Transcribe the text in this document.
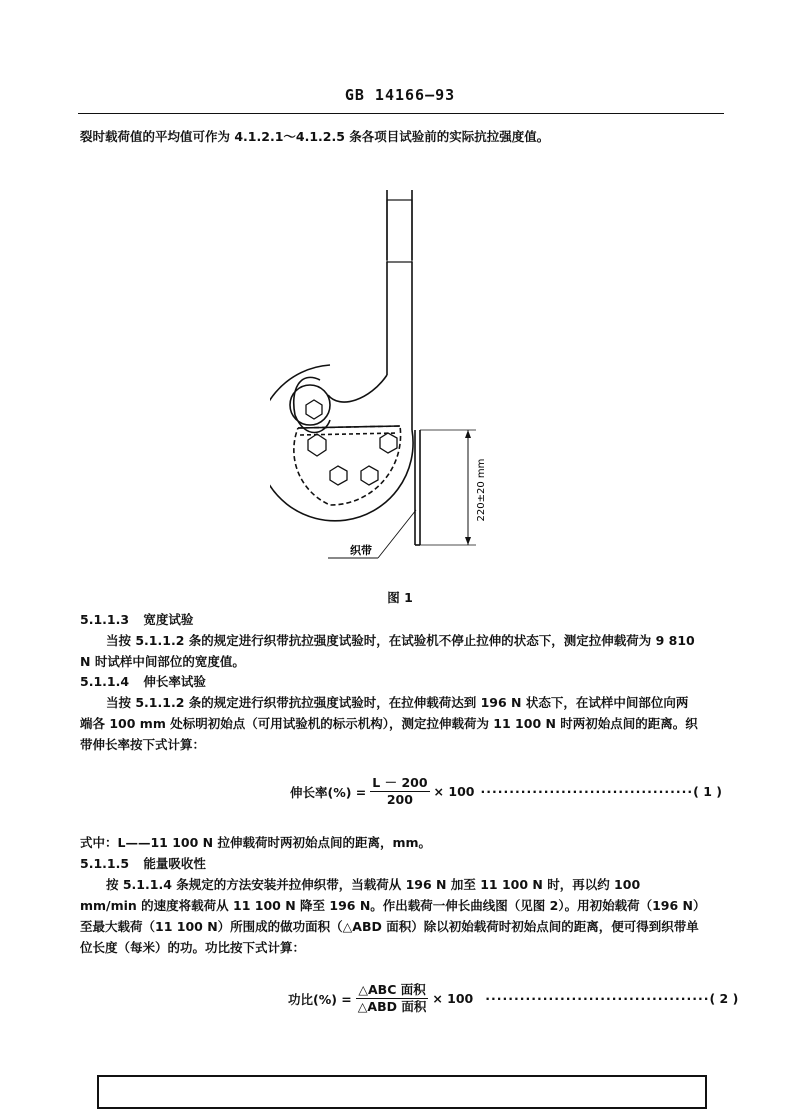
GB 14166—93
裂时载荷值的平均值可作为 4.1.2.1～4.1.2.5 条各项目试验前的实际抗拉强度值。
220±20 mm
织带
图 1
5.1.1.3 宽度试验
当按 5.1.1.2 条的规定进行织带抗拉强度试验时，在试验机不停止拉伸的状态下，测定拉伸载荷为 9 810 N 时试样中间部位的宽度值。
5.1.1.4 伸长率试验
当按 5.1.1.2 条的规定进行织带抗拉强度试验时，在拉伸载荷达到 196 N 状态下，在试样中间部位向两端各 100 mm 处标明初始点（可用试验机的标示机构），测定拉伸载荷为 11 100 N 时两初始点间的距离。织带伸长率按下式计算：
伸长率(%) = $\frac{L - 200}{200} \times 100$ ····································· ( 1 )
式中：L——11 100 N 拉伸载荷时两初始点间的距离，mm。
5.1.1.5 能量吸收性
按 5.1.1.4 条规定的方法安装并拉伸织带，当载荷从 196 N 加至 11 100 N 时，再以约 100 mm/min 的速度将载荷从 11 100 N 降至 196 N。作出载荷一伸长曲线图（见图 2）。用初始载荷（196 N）至最大载荷（11 100 N）所围成的做功面积（△ABD 面积）除以初始载荷时初始点间的距离，便可得到织带单位长度（每米）的功。功比按下式计算：
功比(%) = $\frac{\text{△ABC 面积}}{\text{△ABD 面积}} \times 100$ ······································· ( 2 )
